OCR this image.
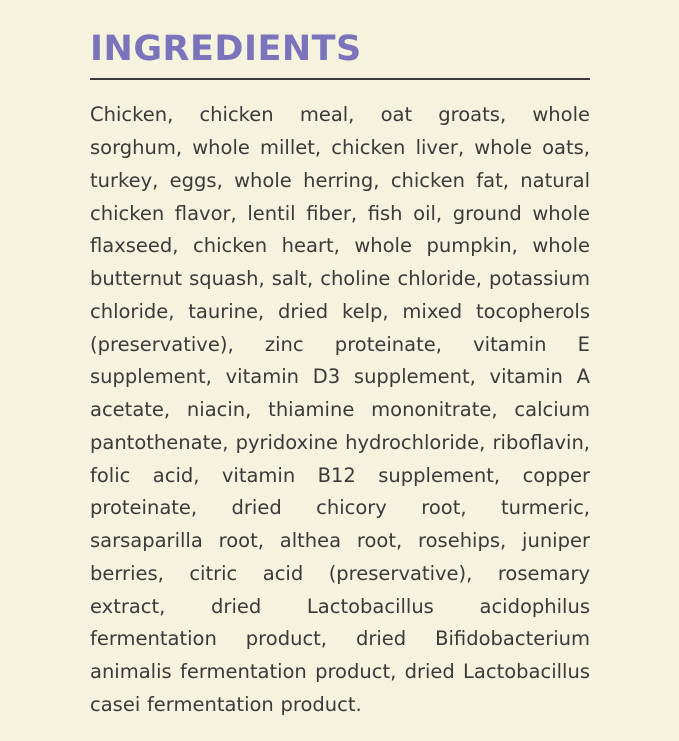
INGREDIENTS

Chicken, chicken meal, oat groats, whole sorghum, whole millet, chicken liver, whole oats, turkey, eggs, whole herring, chicken fat, natural chicken flavor, lentil fiber, fish oil, ground whole flaxseed, chicken heart, whole pumpkin, whole butternut squash, salt, choline chloride, potassium chloride, taurine, dried kelp, mixed tocopherols (preservative), zinc proteinate, vitamin E supplement, vitamin D3 supplement, vitamin A acetate, niacin, thiamine mononitrate, calcium pantothenate, pyridoxine hydrochloride, riboflavin, folic acid, vitamin B12 supplement, copper proteinate, dried chicory root, turmeric, sarsaparilla root, althea root, rosehips, juniper berries, citric acid (preservative), rosemary extract, dried Lactobacillus acidophilus fermentation product, dried Bifidobacterium animalis fermentation product, dried Lactobacillus casei fermentation product.
